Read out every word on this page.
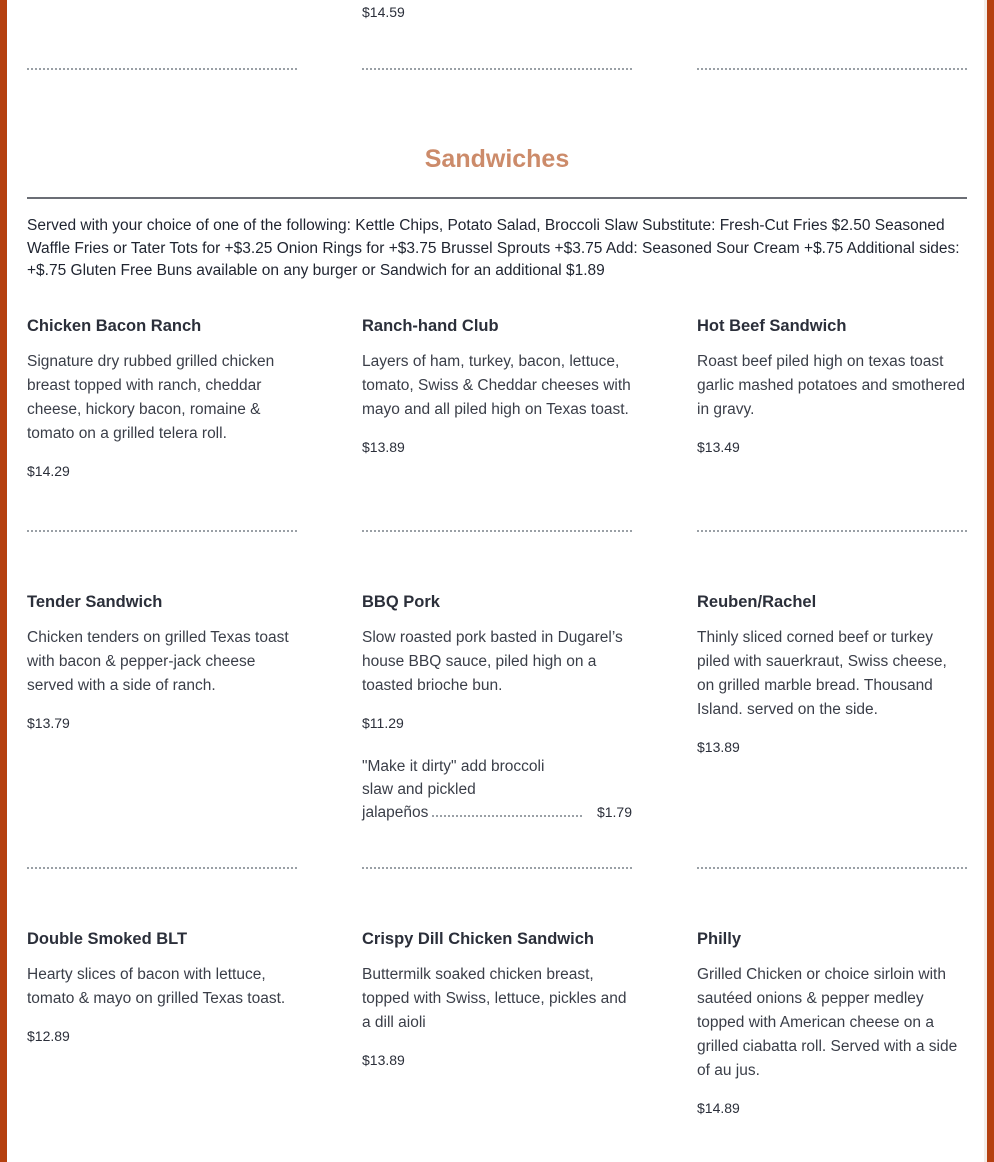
$14.59
Sandwiches
Served with your choice of one of the following: Kettle Chips, Potato Salad, Broccoli Slaw Substitute: Fresh-Cut Fries $2.50 Seasoned Waffle Fries or Tater Tots for +$3.25 Onion Rings for +$3.75 Brussel Sprouts +$3.75 Add: Seasoned Sour Cream +$.75 Additional sides: +$.75 Gluten Free Buns available on any burger or Sandwich for an additional $1.89
Chicken Bacon Ranch

Signature dry rubbed grilled chicken breast topped with ranch, cheddar cheese, hickory bacon, romaine & tomato on a grilled telera roll.

$14.29
Ranch-hand Club

Layers of ham, turkey, bacon, lettuce, tomato, Swiss & Cheddar cheeses with mayo and all piled high on Texas toast.

$13.89
Hot Beef Sandwich

Roast beef piled high on texas toast garlic mashed potatoes and smothered in gravy.

$13.49
Tender Sandwich

Chicken tenders on grilled Texas toast with bacon & pepper-jack cheese served with a side of ranch.

$13.79
BBQ Pork

Slow roasted pork basted in Dugarel’s house BBQ sauce, piled high on a toasted brioche bun.

$11.29
"Make it dirty" add broccoli
slaw and pickled
jalapeños	$1.79
Reuben/Rachel

Thinly sliced corned beef or turkey piled with sauerkraut, Swiss cheese, on grilled marble bread. Thousand Island. served on the side.

$13.89
Double Smoked BLT

Hearty slices of bacon with lettuce, tomato & mayo on grilled Texas toast.

$12.89
Crispy Dill Chicken Sandwich

Buttermilk soaked chicken breast, topped with Swiss, lettuce, pickles and a dill aioli

$13.89
Philly

Grilled Chicken or choice sirloin with sautéed onions & pepper medley topped with American cheese on a grilled ciabatta roll. Served with a side of au jus.

$14.89
